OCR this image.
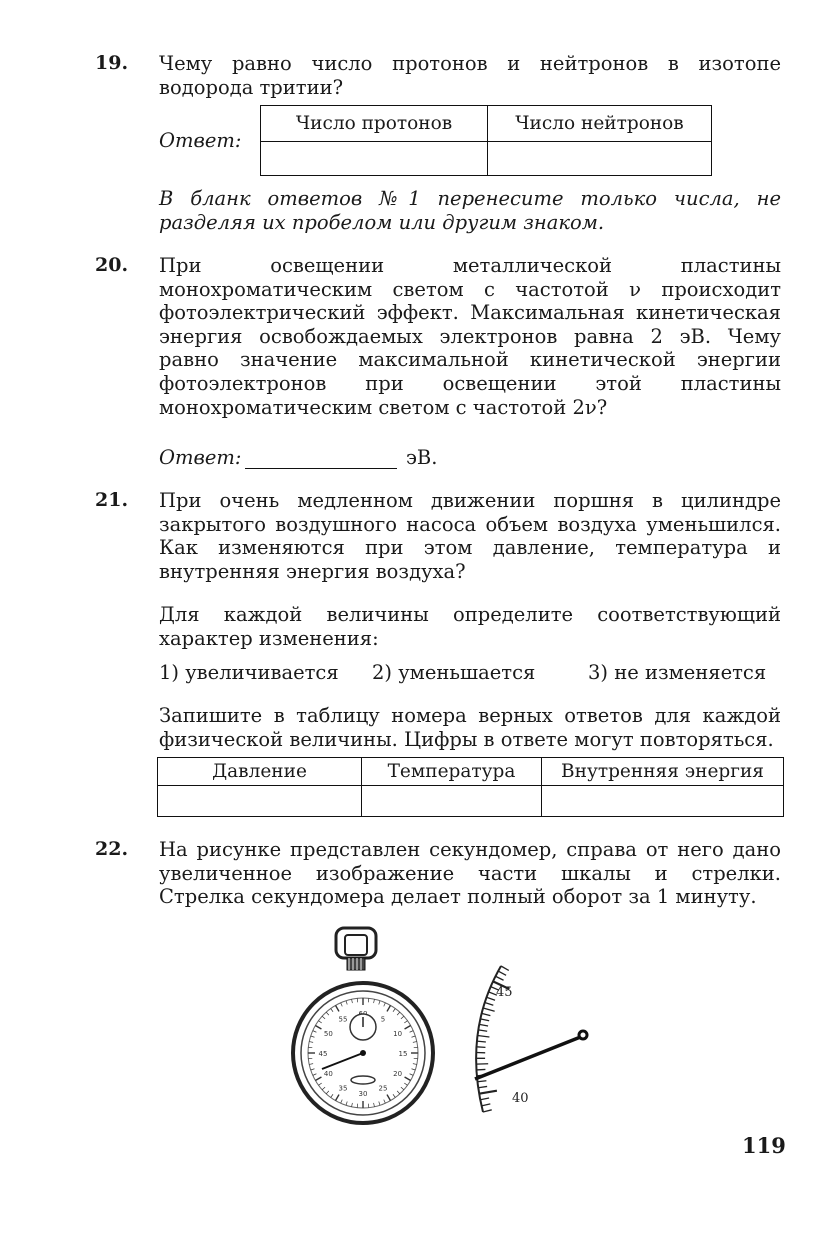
19. Чему равно число протонов и нейтронов в изотопе водорода тритии?
Ответ:
Число протонов	Число нейтронов

В бланк ответов №1 перенесите только числа, не разделяя их пробелом или другим знаком.
20. При освещении металлической пластины монохроматическим светом с частотой ν происходит фотоэлектрический эффект. Максимальная кинетическая энергия освобождаемых электронов равна 2 эВ. Чему равно значение максимальной кинетической энергии фотоэлектронов при освещении этой пластины монохроматическим светом с частотой 2ν?
Ответ:	эВ.
21. При очень медленном движении поршня в цилиндре закрытого воздушного насоса объем воздуха уменьшился. Как изменяются при этом давление, температура и внутренняя энергия воздуха?
Для каждой величины определите соответствующий характер изменения:
1) увеличивается 2) уменьшается	3) не изменяется
Запишите в таблицу номера верных ответов для каждой физической величины. Цифры в ответе могут повторяться.
Давление	Температура	Внутренняя энергия

22. На рисунке представлен секундомер, справа от него дано увеличенное изображение части шкалы и стрелки. Стрелка секундомера делает полный оборот за 1 минуту.
5
10
15
20
25
30
35
40
45
50
55
45
40
119
